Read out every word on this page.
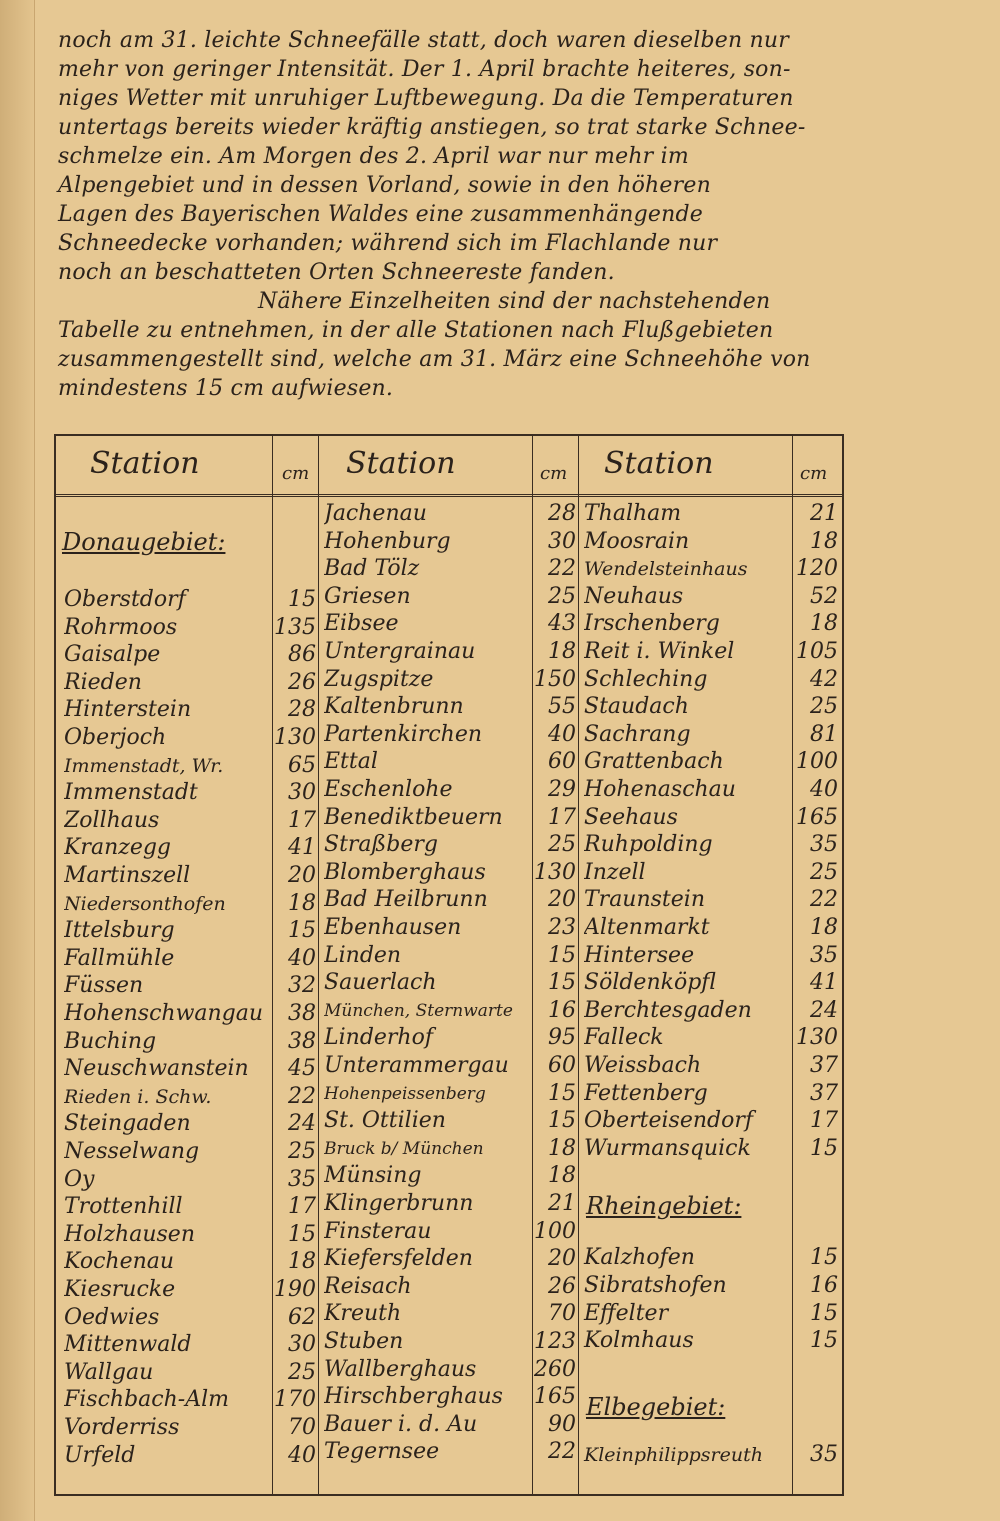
noch am 31. leichte Schneefälle statt, doch waren dieselben nur
mehr von geringer Intensität. Der 1. April brachte heiteres, son-
niges Wetter mit unruhiger Luftbewegung. Da die Temperaturen
untertags bereits wieder kräftig anstiegen, so trat starke Schnee-
schmelze ein. Am Morgen des 2. April war nur mehr im
Alpengebiet und in dessen Vorland, sowie in den höheren
Lagen des Bayerischen Waldes eine zusammenhängende
Schneedecke vorhanden; während sich im Flachlande nur
noch an beschatteten Orten Schneereste fanden.
Nähere Einzelheiten sind der nachstehenden
Tabelle zu entnehmen, in der alle Stationen nach Flußgebieten
zusammengestellt sind, welche am 31. März eine Schneehöhe von
mindestens 15 cm aufwiesen.
Station	cm Station	cm Station	cm
Donaugebiet:
Oberstdorf	15
Rohrmoos	135
Gaisalpe	86
Rieden	26
Hinterstein	28
Oberjoch	130
Immenstadt, Wr.	65
Immenstadt	30
Zollhaus	17
Kranzegg	41
Martinszell	20
Niedersonthofen	18
Ittelsburg	15
Fallmühle	40
Füssen	32
Hohenschwangau	38
Buching	38
Neuschwanstein	45
Rieden i. Schw.	22
Steingaden	24
Nesselwang	25
Oy	35
Trottenhill	17
Holzhausen	15
Kochenau	18
Kiesrucke	190
Oedwies	62
Mittenwald	30
Wallgau	25
Fischbach-Alm	170
Vorderriss	70
Urfeld	40
Jachenau	28
Hohenburg	30
Bad Tölz	22
Griesen	25
Eibsee	43
Untergrainau	18
Zugspitze	150
Kaltenbrunn	55
Partenkirchen	40
Ettal	60
Eschenlohe	29
Benediktbeuern	17
Straßberg	25
Blomberghaus	130
Bad Heilbrunn	20
Ebenhausen	23
Linden	15
Sauerlach	15
München, Sternwarte	16
Linderhof	95
Unterammergau	60
Hohenpeissenberg	15
St. Ottilien	15
Bruck b/ München	18
Münsing	18
Klingerbrunn	21
Finsterau	100
Kiefersfelden	20
Reisach	26
Kreuth	70
Stuben	123
Wallberghaus	260
Hirschberghaus	165
Bauer i. d. Au	90
Tegernsee	22
Thalham	21
Moosrain	18
Wendelsteinhaus	120
Neuhaus	52
Irschenberg	18
Reit i. Winkel	105
Schleching	42
Staudach	25
Sachrang	81
Grattenbach	100
Hohenaschau	40
Seehaus	165
Ruhpolding	35
Inzell	25
Traunstein	22
Altenmarkt	18
Hintersee	35
Söldenköpfl	41
Berchtesgaden	24
Falleck	130
Weissbach	37
Fettenberg	37
Oberteisendorf	17
Wurmansquick	15
Rheingebiet:
Kalzhofen	15
Sibratshofen	16
Effelter	15
Kolmhaus	15
Elbegebiet:
Kleinphilippsreuth	35
